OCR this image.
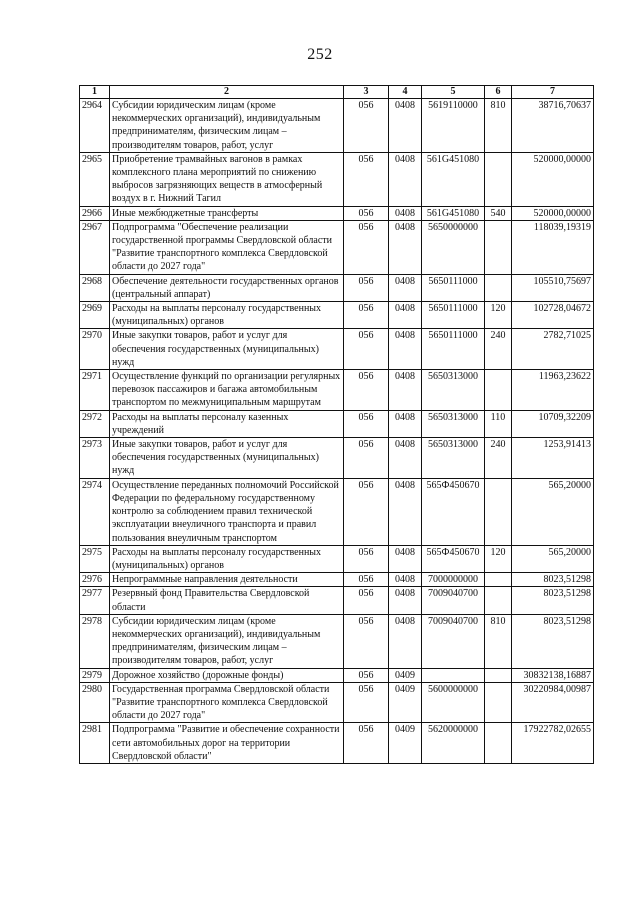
252
1	2	3	4	5	6	7
2964	Субсидии юридическим лицам (кроме некоммерческих организаций), индивидуальным предпринимателям, физическим лицам – производителям товаров, работ, услуг	056	0408	5619110000	810	38716,70637
2965	Приобретение трамвайных вагонов в рамках комплексного плана мероприятий по снижению выбросов загрязняющих веществ в атмосферный воздух в г. Нижний Тагил	056	0408	561G451080		520000,00000
2966	Иные межбюджетные трансферты	056	0408	561G451080	540	520000,00000
2967	Подпрограмма "Обеспечение реализации государственной программы Свердловской области "Развитие транспортного комплекса Свердловской области до 2027 года"	056	0408	5650000000		118039,19319
2968	Обеспечение деятельности государственных органов (центральный аппарат)	056	0408	5650111000		105510,75697
2969	Расходы на выплаты персоналу государственных (муниципальных) органов	056	0408	5650111000	120	102728,04672
2970	Иные закупки товаров, работ и услуг для обеспечения государственных (муниципальных) нужд	056	0408	5650111000	240	2782,71025
2971	Осуществление функций по организации регулярных перевозок пассажиров и багажа автомобильным транспортом по межмуниципальным маршрутам	056	0408	5650313000		11963,23622
2972	Расходы на выплаты персоналу казенных учреждений	056	0408	5650313000	110	10709,32209
2973	Иные закупки товаров, работ и услуг для обеспечения государственных (муниципальных) нужд	056	0408	5650313000	240	1253,91413
2974	Осуществление переданных полномочий Российской Федерации по федеральному государственному контролю за соблюдением правил технической эксплуатации внеуличного транспорта и правил пользования внеуличным транспортом	056	0408	565Ф450670		565,20000
2975	Расходы на выплаты персоналу государственных (муниципальных) органов	056	0408	565Ф450670	120	565,20000
2976	Непрограммные направления деятельности	056	0408	7000000000		8023,51298
2977	Резервный фонд Правительства Свердловской области	056	0408	7009040700		8023,51298
2978	Субсидии юридическим лицам (кроме некоммерческих организаций), индивидуальным предпринимателям, физическим лицам – производителям товаров, работ, услуг	056	0408	7009040700	810	8023,51298
2979	Дорожное хозяйство (дорожные фонды)	056	0409			30832138,16887
2980	Государственная программа Свердловской области "Развитие транспортного комплекса Свердловской области до 2027 года"	056	0409	5600000000		30220984,00987
2981	Подпрограмма "Развитие и обеспечение сохранности сети автомобильных дорог на территории Свердловской области"	056	0409	5620000000		17922782,02655
